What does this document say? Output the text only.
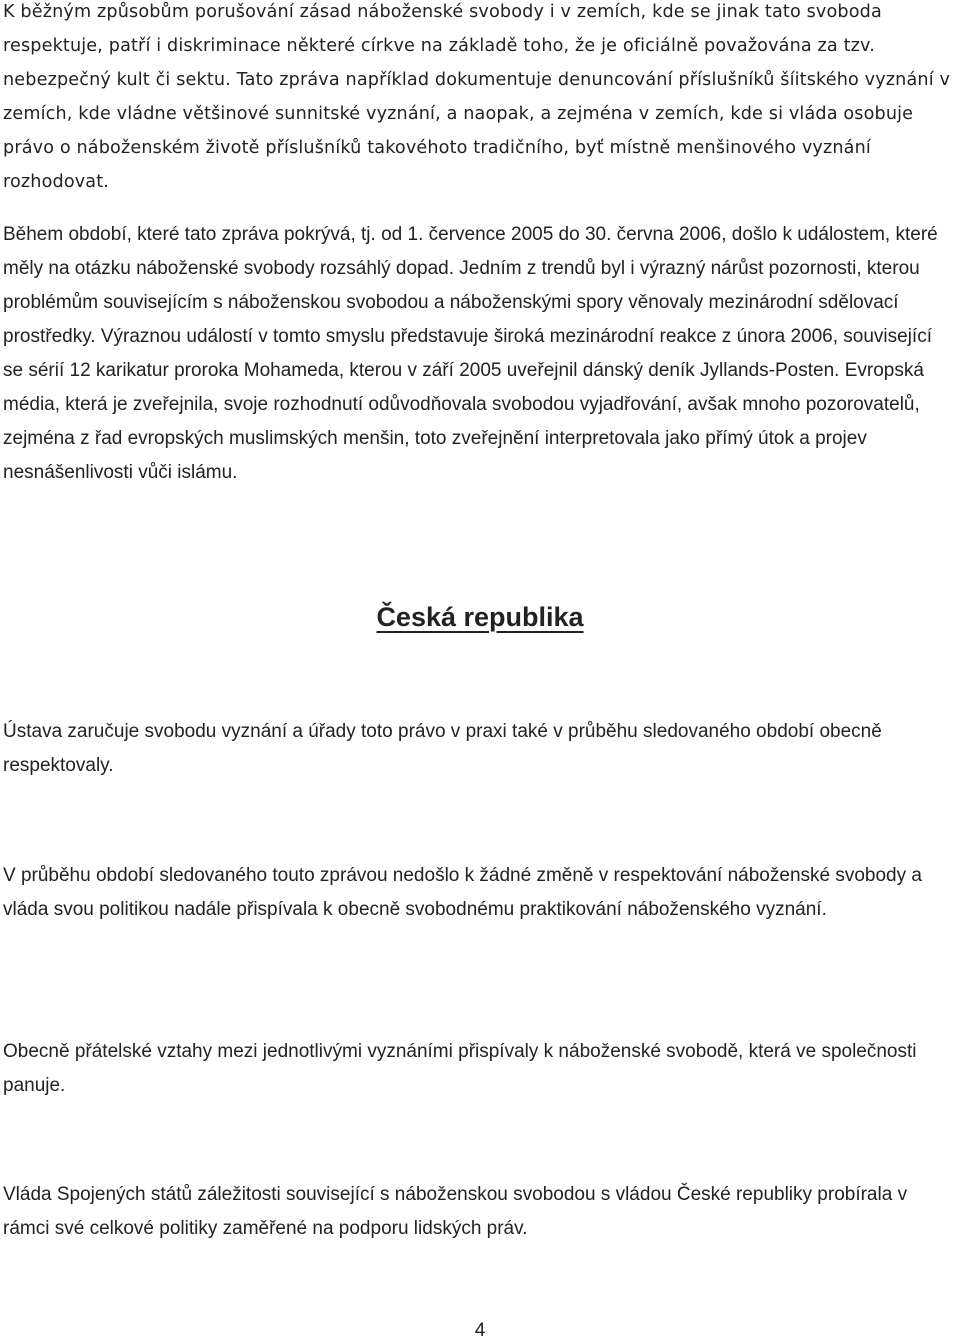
K běžným způsobům porušování zásad náboženské svobody i v zemích, kde se jinak tato svoboda respektuje, patří i diskriminace některé církve na základě toho, že je oficiálně považována za tzv. nebezpečný kult či sektu. Tato zpráva například dokumentuje denuncování příslušníků šíitského vyznání v zemích, kde vládne většinové sunnitské vyznání, a naopak, a zejména v zemích, kde si vláda osobuje právo o náboženském životě příslušníků takovéhoto tradičního, byť místně menšinového vyznání rozhodovat.

Během období, které tato zpráva pokrývá, tj. od 1. července 2005 do 30. června 2006, došlo k událostem, které měly na otázku náboženské svobody rozsáhlý dopad. Jedním z trendů byl i výrazný nárůst pozornosti, kterou problémům souvisejícím s náboženskou svobodou a náboženskými spory věnovaly mezinárodní sdělovací prostředky. Výraznou událostí v tomto smyslu představuje široká mezinárodní reakce z února 2006, související se sérií 12 karikatur proroka Mohameda, kterou v září 2005 uveřejnil dánský deník Jyllands-Posten. Evropská média, která je zveřejnila, svoje rozhodnutí odůvodňovala svobodou vyjadřování, avšak mnoho pozorovatelů, zejména z řad evropských muslimských menšin, toto zveřejnění interpretovala jako přímý útok a projev nesnášenlivosti vůči islámu.

Česká republika

Ústava zaručuje svobodu vyznání a úřady toto právo v praxi také v průběhu sledovaného období obecně respektovaly.

V průběhu období sledovaného touto zprávou nedošlo k žádné změně v respektování náboženské svobody a vláda svou politikou nadále přispívala k obecně svobodnému praktikování náboženského vyznání.

Obecně přátelské vztahy mezi jednotlivými vyznáními přispívaly k náboženské svobodě, která ve společnosti panuje.

Vláda Spojených států záležitosti související s náboženskou svobodou s vládou České republiky probírala v rámci své celkové politiky zaměřené na podporu lidských práv.

4
